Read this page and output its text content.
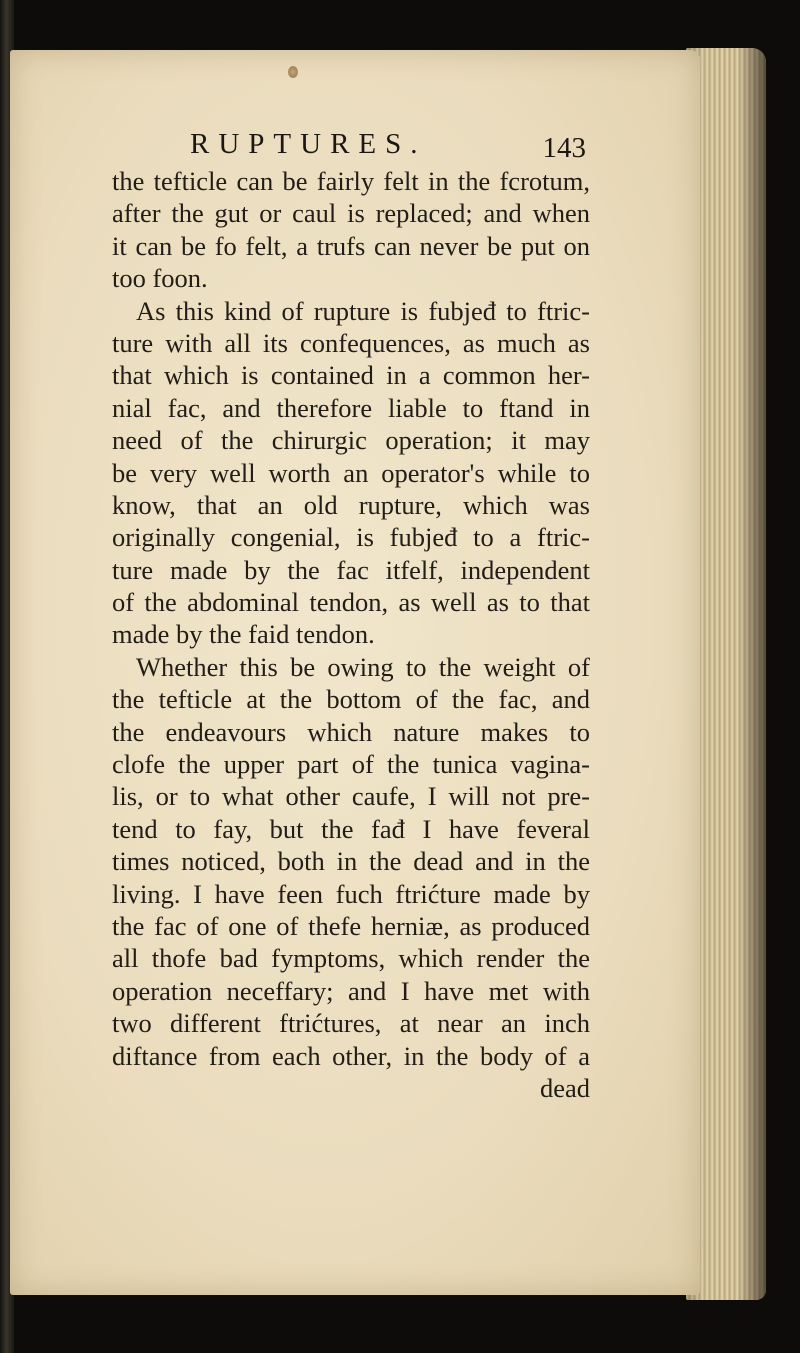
RUPTURES.	143
the tefticle can be fairly felt in the fcrotum,
after the gut or caul is replaced; and when
it can be fo felt, a trufs can never be put on
too foon.
As this kind of rupture is fubjeđ to ftric-
ture with all its confequences, as much as
that which is contained in a common her-
nial fac, and therefore liable to ftand in
need of the chirurgic operation; it may
be very well worth an operator's while to
know, that an old rupture, which was
originally congenial, is fubjeđ to a ftric-
ture made by the fac itfelf, independent
of the abdominal tendon, as well as to that
made by the faid tendon.
Whether this be owing to the weight of
the tefticle at the bottom of the fac, and
the endeavours which nature makes to
clofe the upper part of the tunica vagina-
lis, or to what other caufe, I will not pre-
tend to fay, but the fađ I have feveral
times noticed, both in the dead and in the
living. I have feen fuch ftrićture made by
the fac of one of thefe herniæ, as produced
all thofe bad fymptoms, which render the
operation neceffary; and I have met with
two different ftrićtures, at near an inch
diftance from each other, in the body of a
dead
